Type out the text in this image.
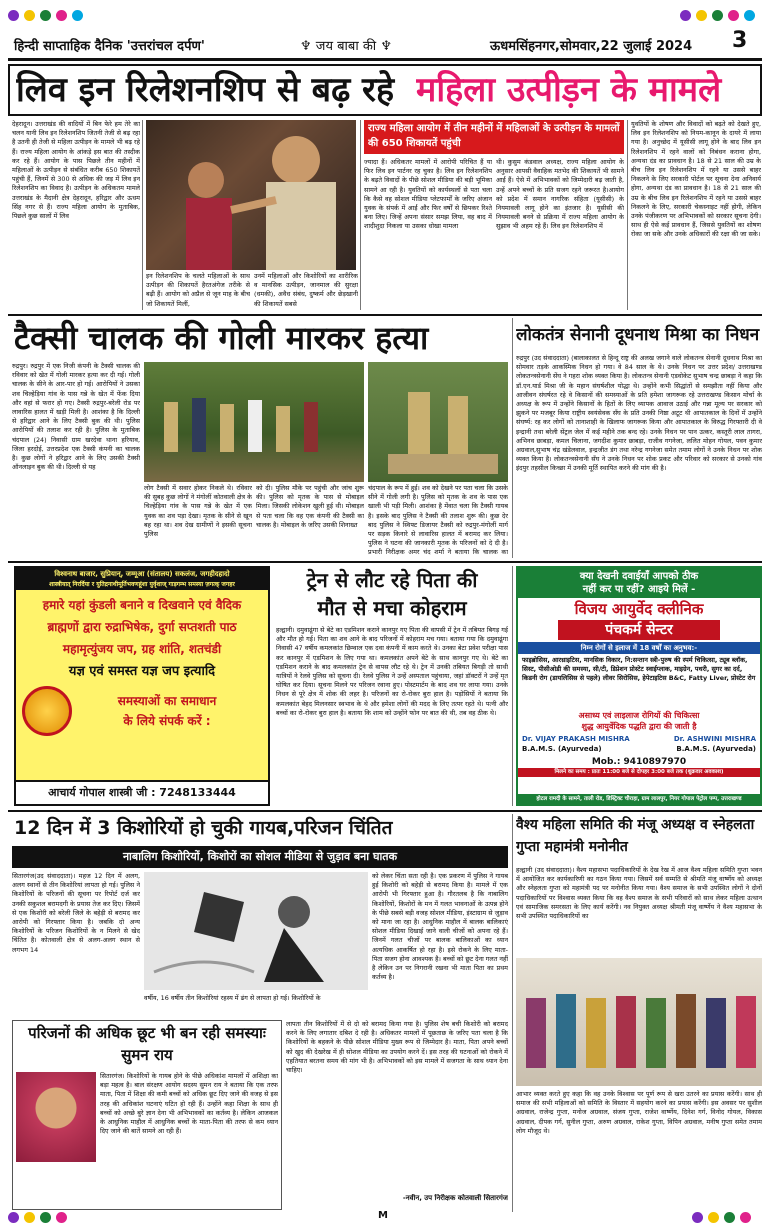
हिन्दी साप्ताहिक दैनिक 'उत्तरांचल दर्पण'	♆ जय बाबा की ♆	ऊधमसिंहनगर,सोमवार,22 जुलाई 2024 3
लिव इन रिलेशनशिप से बढ़ रहे महिला उत्पीड़न के मामले
देहरादून। उत्तराखंड की वादियों में बिन फेरे हम तेरे का चलन यानी लिव इन रिलेशनशिप जितनी तेजी से बढ़ रहा है उतनी ही तेजी से महिला उत्पीड़न के मामले भी बढ़ रहे हैं। राज्य महिला आयोग के आंकड़े इस बात की तस्दीक कर रहे हैं। आयोग के पास पिछले तीन महीनों में महिलाओं के उत्पीड़न से संबंधित करीब 650 शिकायतें पहुंची हैं, जिनमें से 300 से अधिक की जड़ में लिव इन रिलेशनशिप का विवाद है। उत्पीड़न के अधिकतम मामले उत्तराखंड के मैदानी क्षेत्र देहरादून, हरिद्वार और ऊधम सिंह नगर से हैं। राज्य महिला आयोग के मुताबिक, पिछले कुछ सालों में लिव
इन रिलेशनशिप के चलते महिलाओं के साथ उत्पीड़न की शिकायतें हैरतअंगेज तरीके से बढ़ी हैं। आयोग को अप्रैल से जून माह के बीच जो शिकायतें मिलीं,
उनमें महिलाओं और किशोरियों का शारीरिक व मानसिक उत्पीड़न, जानमाल की सुरक्षा (धमकी), अवैध संबंध, दुष्कर्म और छेड़खानी की शिकायतें सबसे
राज्य महिला आयोग में तीन महीनों में महिलाओं के उत्पीड़न के मामलों की 650 शिकायतें पहुंची
ज्यादा हैं। अधिकतर मामलों में आरोपी परिचित हैं या फिर लिव इन पार्टनर रह चुका है। लिव इन रिलेशनशिप के बढ़ते विवादों के पीछे सोशल मीडिया की बड़ी भूमिका सामने आ रही है। युवतियों को कार्यस्थलों से पता चला कि कैसे वह सोशल मीडिया प्लेटफार्मों के जरिए अंजान युवक के संपर्क में आईं और फिर वर्षों से छिपकर रिश्ते बना लिए। जिन्हें अपना संसार समझ लिया, वह बाद में शादीशुदा निकला या उसका धोखा मामला
थी। कुसुम कंडवाल अध्यक्ष, राज्य महिला आयोग के अनुसार आपसी वैवाहिक मतभेद की शिकायतें भी सामने आईं हैं। ऐसे में अभिभावकों को जिम्मेदारी बढ़ जाती है, उन्हें अपने बच्चों के प्रति सजग रहने जरूरत है।आयोग को प्रदेश में समान नागरिक संहिता (यूसीसी) के नियमावली लागू होने का इंतजार है। यूसीसी की नियमावली बनने से प्रक्रिया में राज्य महिला आयोग के सुझाव भी अहम रहे हैं। लिव इन रिलेशनशिप में
युवतियों के शोषण और विवादों को बढ़ते को देखते हुए, लिव इन रिलेशनशिप को नियम-कानून के दायरे में लाया गया है। अनुच्छेद में यूसीसी लागू होने के बाद लिव इन रिलेशनशिप में रहने वालों को निबंधन कराना होगा, अन्यथा दंड का प्रावधान है। 18 से 21 साल की उम्र के बीच लिव इन रिलेशनशिप में रहने या उससे बाहर निकलने के लिए सरकारी पोर्टल पर सूचना देना अनिवार्य होगा, अन्यथा दंड का प्रावधान है। 18 से 21 साल की उम्र के बीच लिव इन रिलेशनशिप में रहने या उससे बाहर निकलने के लिए, सरकारी चेकस्नाइट नहीं होगी, लेकिन उनके पंजीकरण पर अभिभावकों को सरकार सूचना देगी। साथ ही ऐसे कई प्रावधान हैं, जिससे युवतियों का शोषण रोका जा सके और उनके अधिकारों की रक्षा की जा सके।
टैक्सी चालक की गोली मारकर हत्या
रुद्रपुर। रुद्रपुर में एक निजी कंपनी के टैक्सी चालक की रविवार को खेत में गोली मारकर हत्या कर दी गई। गोली चालक के सीने के आर-पार हो गई। आरोपियों ने उसका शव चिल्हेड़िया गांव के पास गन्ने के खेत में फेंक दिया और वहां से फरार हो गए। टैक्सी रुद्रपुर-बरेली रोड पर लावारिस हालत में खड़ी मिली है। आशंका है कि दिल्ली से हरिद्वार आने के लिए टैक्सी बुक की थी। पुलिस आरोपियों की तलाश कर रही है। पुलिस के मुताबिक चंदपाल (24) निवासी ग्राम खरदेवा थाना हरियाव, जिला हरदोई, उत्तरप्रदेश एक टैक्सी कंपनी का चालक है। कुछ लोगों ने हरिद्वार आने के लिए उसकी टैक्सी ऑनलाइन बुक की थी। दिल्ली से यह
लोग टैक्सी में सवार होकर निकले थे। रविवार की सुबह कुछ लोगों ने मंगोलीं कोतवाली क्षेत्र के चिल्हेड़िया गांव के पास गन्ने के खेत में एक युवक का शव पड़ा देखा। मृतक के सीने से खून बह रहा था। शव देख ग्रामीणों ने इसकी सूचना पुलिस
को दी। पुलिस मौके पर पहुंची और जांच शुरू की। पुलिस को मृतक के पास से मोबाइल मिला। जिसकी लोकेशन खुली हुई थी। मोबाइल से पता चला कि वह एक कंपनी की टैक्सी का चालक है। मोबाइल के जरिए उसकी शिनाख्त
चंदपाल के रूप में हुई। शव को देखने पर पता चला कि उसके सीने में गोली लगी है। पुलिस को मृतक के शव के पास एक खाली भी पड़ी मिली। आशंका है मेंवात चला कि टैक्सी गायब है। इसके बाद पुलिस ने टैक्सी की तलाश शुरू की। कुछ देर बाद पुलिस ने स्विफ्ट डिजायर टैक्सी को रुद्रपुर-मंगोलीं मार्ग पर सड़क किनारे से लावारिस हालत में बरामद कर लिया। पुलिस ने घटना की जानकारी मृतक के परिजनों को दे दी है। प्रभारी निरीक्षक अमर चंद शर्मा ने बताया कि चालक का
लोकतंत्र सेनानी दूधनाथ मिश्रा का निधन
रुद्रपुर (उद संवाददाता) (बालाकालत से हिन्दू राष्ट्र की अलख जगाने वाले लोकतन्त्र सेनानी दूधनाथ मिश्रा का सोमवार तड़के आकस्मिक निधन हो गया। वे 84 साल के थे। उनके निधन पर उत्तर प्रदेश/ उत्तराखण्ड लोकतन्त्रसेनानी सेंघ ने गहरा शोक व्यक्त किया है। लोकतन्त्र सेनानी एडवोकेट सुभाष चन्द्र छाबड़ा ने कहा कि डॉ.एन.यार्ड मिश्रा जी के महान संघर्षशील योद्धा थे। उन्होंने कभी सिद्धांतों से समझौता नहीं किया और आजीवन संघर्षरत रहे वे किसानों की समस्याओं के प्रति हमेशा जागरूक रहे उत्तराखण्ड किसान मोर्चा के अध्यक्ष के रूप में उन्होंने किसानों के हितों के लिए व्यापक आवाज उठाई और गन्ना मूल्य पर सरकार को झुकने पर मजबूर किया राष्ट्रीय स्वयंसेवक सँघ के प्रति उनकी निष्ठा अटूट थी आपातकाल के दिनों में उन्होंने संघर्ष्य: रह कर लोगों को तानाशाही के खिलाफ जागरूक किया और आपातकाल के विरुद्ध गिरफ्तारी दी वे इन्द्रानी तथा बरेली सेंट्रल जेल में कई महीने तक बन्द रहे। उनके निधन पर पान उत्कर, कस्तूरी लाल तागरा, अभिनव छाबड़ा, कमल चिलाना, जगदीश कुमार छाबड़ा, राजीव गगनेजा, ललित मोहन गोयल, पवन कुमार अग्रवाल,सुभाष चंद्र खंडेलवाल, इन्द्रजीत डंग तथा नरेन्द्र गगनेजा समेत तमाम लोगों ने उनके निधन पर शोक व्यक्त किया है। लोकतन्त्रसेनानी सँघ ने उनके निधन पर शोक प्रकट और परिवार को सरकार से उनको गांव इंदपुर तहसील किच्छा में उनकी मूर्ति स्थापित करने की मांग की है।
विश्वनाथ बाजार, सुप्रियान्, जम्मूआ (संतालय) सकलंज, जगहीदहादो
शास्त्रीयात् निरर्दिया र युतिद्रनाथीमूर्तिभवणहूंशा युर्वृशाज् गाड़गम्भ समस्या ज़गत्क् जगहर
हमारे यहां कुंडली बनाने व दिखवाने एवं वैदिक
ब्राह्मणों द्वारा रुद्राभिषेक, दुर्गा सप्तशती पाठ
महामृत्युंजय जप, ग्रह शांति, शतचंडी
यज्ञ एवं समस्त यज्ञ जप इत्यादि
समस्याओं का समाधान
के लिये संपर्क करें :
आचार्य गोपाल शास्त्री जी : 7248133444
ट्रेन से लौट रहे पिता की
मौत से मचा कोहराम
हल्द्वानी। दमुवाढूंगा से बेटे का एडमिशन कराने कानपुर गए पिता की वापसी में ट्रेन में तबियत बिगड़ गई और मौत हो गई। पिता का शव आने के बाद परिजनों में कोहराम मच गया। बताया गया कि दमुवाढूंगा निवासी 47 वर्षीय कमलकांत छिम्वाल एक दवा कंपनी में काम करते थे। उनका बेटा प्रवेश परीक्षा पास कर कानपुर में एडमिशन के लिए गया था। कमलकांत अपने बेटे के साथ कानपुर गए थे। बेटे का एडमिशन कराने के बाद कमलकांत ट्रेन से वापस लौट रहे थे। ट्रेन में उनकी तबियत बिगड़ी तो साथी यात्रियों ने रेलवे पुलिस को सूचना दी। रेलवे पुलिस ने उन्हें अस्पताल पहुंचाया, जहां डॉक्टरों ने उन्हें मृत घोषित कर दिया। सूचना मिलने पर परिजन रवाना हुए। पोस्टमार्टम के बाद शव घर लाया गया। उनके निधन से पूरे क्षेत्र में शोक की लहर है। परिजनों का रो-रोकर बुरा हाल है। पड़ोसियों ने बताया कि कमलकांत बेहद मिलनसार स्वभाव के थे और हमेशा लोगों की मदद के लिए तत्पर रहते थे। पत्नी और बच्चों का रो-रोकर बुरा हाल है। बताया कि शाम को उन्होंने फोन पर बात की थी, तब वह ठीक थे।
क्या देखनी दवाईयाँ आपको ठीक
नहीं कर पा रहीं? आइये मिलें -
विजय आयुर्वेद क्लीनिक
पंचकर्म सेन्टर
निम्न रोगों से इलाज में 18 वर्षों का अनुभव:-
फाइब्रोसिस, आरथ्राइटिस, मानसिक विकार, नि:सन्तान स्त्री-पुरुष की स्पर्म चिकित्सा, ट्यूब ब्लॉक, सिस्ट, पीसीओडी की समस्या, सी/टी, डिप्रेशन प्रोस्टेट स्वाईप्लाक, माइग्रेन, पथरी, सुगर का दर्द, किडनी रोग (डायलिसिस से पहले) लीवर सिरोसिस, हेपेटाइटिस B&C, Fatty Liver, प्रोस्टेट रोग
असाध्य एवं लाइलाज रोगियों की चिकित्सा
शुद्ध आयुर्वेदिक पद्धति द्वारा की जाती है
Dr. VIJAY PRAKASH MISHRA
B.A.M.S. (Ayurveda)
Dr. ASHWINI MISHRA
B.A.M.S. (Ayurveda)
Mob.: 9410897970
मिलने का समय : प्रातः 11:00 बजे से दोपहर 3:00 बजे तक (शुक्रवार अवकाश)
होटल रामदी के सामने, ताली रोड, डिस्ट्रिक्ट चौराहा, ग्राम लालपुर, नियर गोपाल पेट्रोल पम्प, उत्तराखण्ड
12 दिन में 3 किशोरियों हो चुकी गायब,परिजन चिंतित
नाबालिग किशोरियों, किशोरों का सोशल मीडिया से जुड़ाव बना घातक
सितारगंज(उद संवाददाता)। महज 12 दिन में अलग, अलग स्थानों से तीन किशोरियां लापता हो गई। पुलिस ने किशोरियों के परिजनों की सूचना पर रिपोर्ट दर्ज कर उनकी सकुशल बरामदगी के प्रयास तेज कर दिए। जिसमें से एक किशोरी को बरेली जिले के बहेड़ी से बरामद कर आरोपी को गिरफ्तार किया है। जबकि दो अन्य किशोरियों के परिजन किशोरियों के न मिलने से खेद चिंतित है। कोतवाली क्षेत्र से अलग-अलग स्थान से लगभग 14
वर्षीय, 16 वर्षीय तीन किशोरियां रहस्य में ढंग से लापता हो गई। किशोरियों के
को लेकर चिंता सता रही है। एक प्रकरण में पुलिस ने गायब हुई किशोरी को बहेड़ी से बरामद किया है। मामले में एक आरोपी भी गिरफ्तार हुआ है। गौरतलब है कि नाबालिग किशोरियों, किशोरों के मन में गलत भावनाओं के उत्पन्न होने के पीछे सबसे बड़ी वजह सोशल मीडिया, इंस्टाग्राम से जुड़ाव को माना जा रहा है। आधुनिक माहौल में बालक बालिकाएं सोशल मीडिया दिखाई जाने वाली चीजों को अपना रहे हैं। जिनमें गलत चीजों पर बालक बालिकाओं का ध्यान अत्यधिक आकर्षित हो रहा है। इसे रोकने के लिए माता-पिता सजग होना आवश्यक है। बच्चों को छूट देना गलत नहीं है लेकिन उन पर निगरानी रखना भी माता पिता का प्रथम कर्तव्य है।
परिजनों की अधिक छूट भी बन रही समस्याः सुमन राय
सितारगंज। किशोरियों के गायब होने के पीछे अधिकांश मामलों में अशिक्षा का बड़ा महत्व है। बाल संरक्षण आयोग सदस्य सुमन राय ने बताया कि एक तरफ माता, पिता में शिक्षा की कमी बच्चों को अधिक छूट दिए जाने की वजह से इस तरह की अधिकांश घटनाएं घटित हो रही हैं। उन्होंने कहा शिक्षा के साथ ही बच्चों को अच्छे बुरे ज्ञान देना भी अभिभावकों का कर्तव्य है। लेकिन आजकल के आधुनिक माहौल में आधुनिक बच्चों के माता-पिता की तरफ से कम ध्यान दिए जाने की बातें सामने आ रही हैं।
लापता तीन किशोरियों में से दो को बरामद किया गया है। पुलिस शेष बची किशोरी को बरामद करने के लिए लगातार दबिश दे रही है। अधिकतर मामलों में पूछताछ के जरिए पता चला है कि किशोरियों के बहकने के पीछे सोशल मीडिया मुख्य रूप से जिम्मेदार है। माता, पिता अपने बच्चों को खुद की देखरेख में ही सोशल मीडिया का उपयोग करने दें। इस तरह की घटनाओं को रोकने में एहतियात बरतना समय की मांग भी है। अभिभावकों को इस मामले में सजगता के साथ ध्यान देना चाहिए।
-नवीन, उप निरीक्षक कोतवाली सितारगंज
वैश्य महिला समिति की मंजू अध्यक्ष व स्नेहलता गुप्ता महामंत्री मनोनीत
हल्द्वानी (उद संवाददाता)। वैश्य महासभा पदाधिकारियों के देख रेख में आज वैश्य महिला समिति गुप्ता भवन में आयोजित कर कार्यकारिणी का गठन किया गया। जिसमें सर्व सम्मति से श्रीमति मंजू वार्ष्णेय को अध्यक्ष और स्नेहलता गुप्ता को महामंत्री पद पर मनोनीत किया गया। वैश्य समाज के सभी उपस्थित लोगों ने दोनों पदाधिकारियों पर विश्वास व्यक्त किया कि वह वैश्य समाज के सभी परिवारों को साथ लेकर महिला उत्थान एवं सामाजिक समरसता के लिए कार्य करेंगी। नव नियुक्त अध्यक्ष श्रीमती मंजू वार्ष्णेय ने वैश्य महासभा के सभी उपस्थित पदाधिकारियों का
आभार व्यक्त करते हुए कहा कि वह उनके विश्वास पर पूर्ण रूप से खरा उतरने का प्रयास करेंगी। साथ ही समाज की सभी महिलाओं को समिति के विस्तार में सहयोग करने का प्रयास करेंगी। इस अवसर पर सुशील अग्रवाल, राजेन्द्र गुप्ता, मनोज अग्रवाल, संजय गुप्ता, राजेश वार्ष्णेय, दिनेश गर्ग, विनोद गोयल, विकास अग्रवाल, दीपक गर्ग, सुनील गुप्ता, अरुण अग्रवाल, राकेश गुप्ता, विपिन अग्रवाल, मनीष गुप्ता समेत तमाम लोग मौजूद थे।
M
